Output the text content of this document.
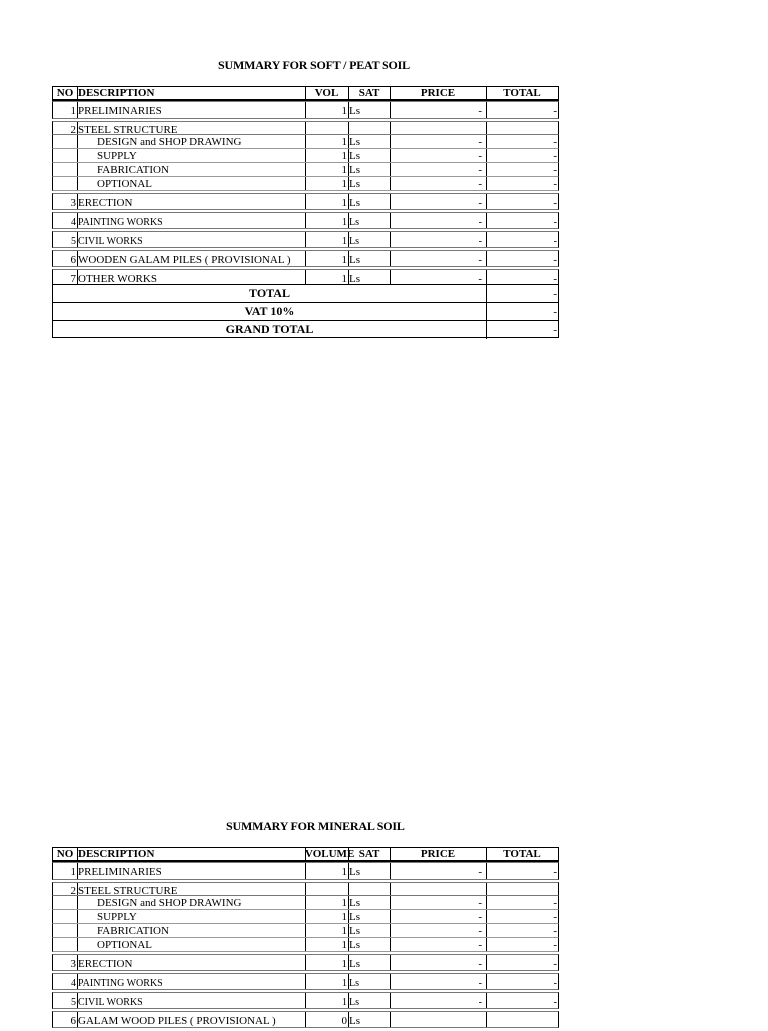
SUMMARY FOR SOFT / PEAT SOIL
NO DESCRIPTION	VOL	SAT	PRICE	TOTAL
1 PRELIMINARIES	1 Ls	-	-
2 STEEL STRUCTURE
DESIGN and SHOP DRAWING	1 Ls	-	-
SUPPLY	1 Ls	-	-
FABRICATION	1 Ls	-	-
OPTIONAL	1 Ls	-	-
3 ERECTION	1 Ls	-	-
4 PAINTING WORKS	1 Ls	-	-
5 CIVIL WORKS	1 Ls	-	-
6 WOODEN GALAM PILES ( PROVISIONAL )	1 Ls	-	-
7 OTHER WORKS	1 Ls	-	-
TOTAL	-
VAT 10%	-
GRAND TOTAL	-
SUMMARY FOR MINERAL SOIL
NO DESCRIPTION	VOLUME SAT	PRICE	TOTAL
1 PRELIMINARIES	1 Ls	-	-
2 STEEL STRUCTURE
DESIGN and SHOP DRAWING	1 Ls	-	-
SUPPLY	1 Ls	-	-
FABRICATION	1 Ls	-	-
OPTIONAL	1 Ls	-	-
3 ERECTION	1 Ls	-	-
4 PAINTING WORKS	1 Ls	-	-
5 CIVIL WORKS	1 Ls	-	-
6 GALAM WOOD PILES ( PROVISIONAL )	0 Ls
